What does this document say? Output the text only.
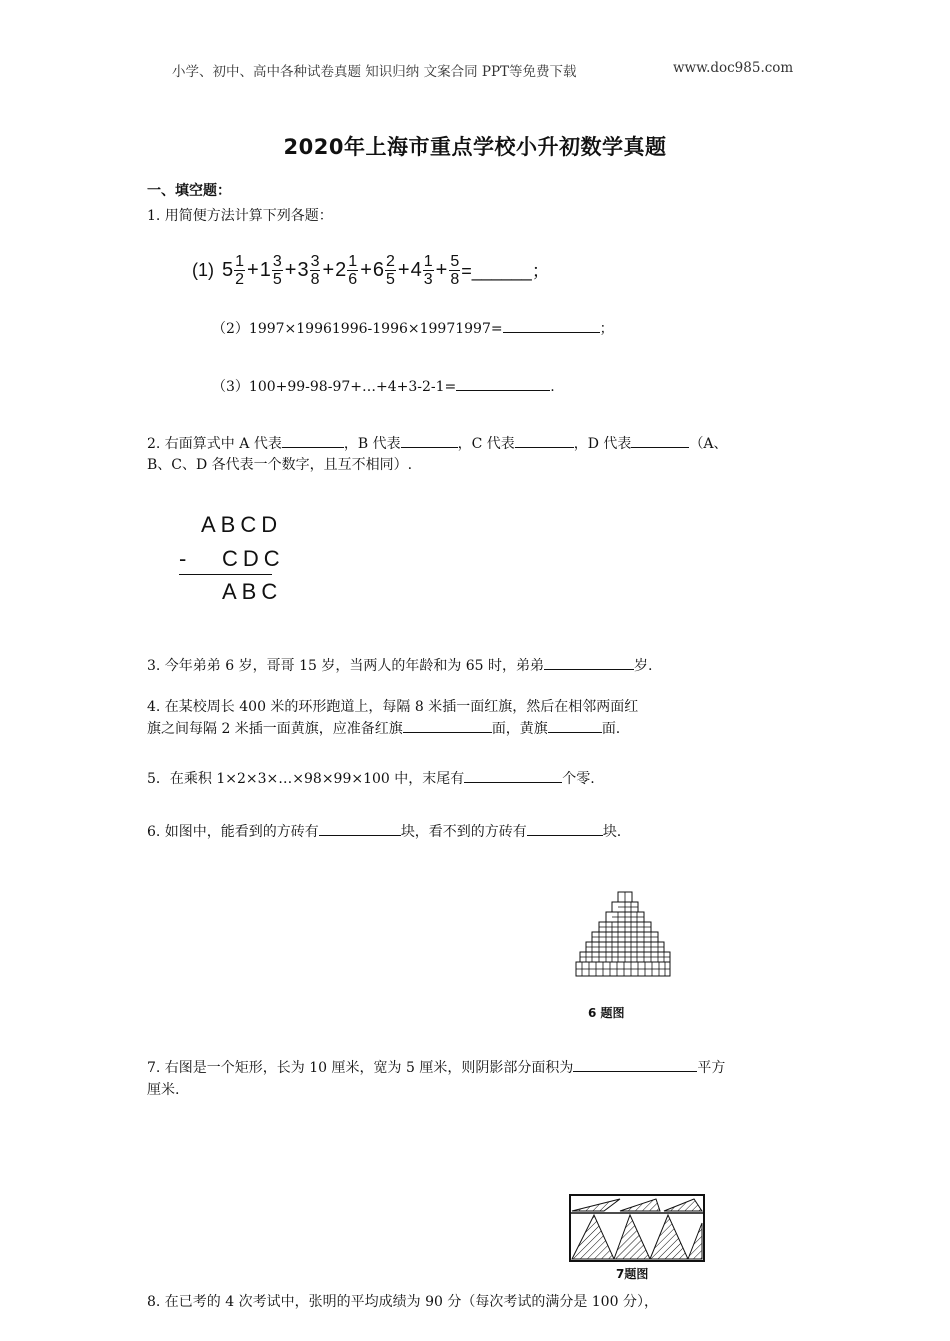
小学、初中、高中各种试卷真题 知识归纳 文案合同 PPT等免费下载	www.doc985.com
2020年上海市重点学校小升初数学真题
一、填空题：
1. 用简便方法计算下列各题：
(1) $5 \frac{1}{2} + 1 \frac{3}{5} + 3 \frac{3}{8} + 2 \frac{1}{6} + 6 \frac{2}{5} + 4 \frac{1}{3} + \frac{5}{8}$ =______；
（2）1997×19961996-1996×19971997=	；
（3）100+99-98-97+…+4+3-2-1=	.
2. 右面算式中 A 代表	，B 代表	，C 代表	，D 代表	（A、
B、C、D 各代表一个数字，且互不相同）.
ABCD
- CDC
ABC
3. 今年弟弟 6 岁，哥哥 15 岁，当两人的年龄和为 65 时，弟弟	岁.
4. 在某校周长 400 米的环形跑道上，每隔 8 米插一面红旗，然后在相邻两面红
旗之间每隔 2 米插一面黄旗，应准备红旗	面，黄旗	面.
5．在乘积 1×2×3×…×98×99×100 中，末尾有	个零.
6. 如图中，能看到的方砖有	块，看不到的方砖有	块.
6 题图
7. 右图是一个矩形，长为 10 厘米，宽为 5 厘米，则阴影部分面积为	平方
厘米.
7题图
8. 在已考的 4 次考试中，张明的平均成绩为 90 分（每次考试的满分是 100 分），
